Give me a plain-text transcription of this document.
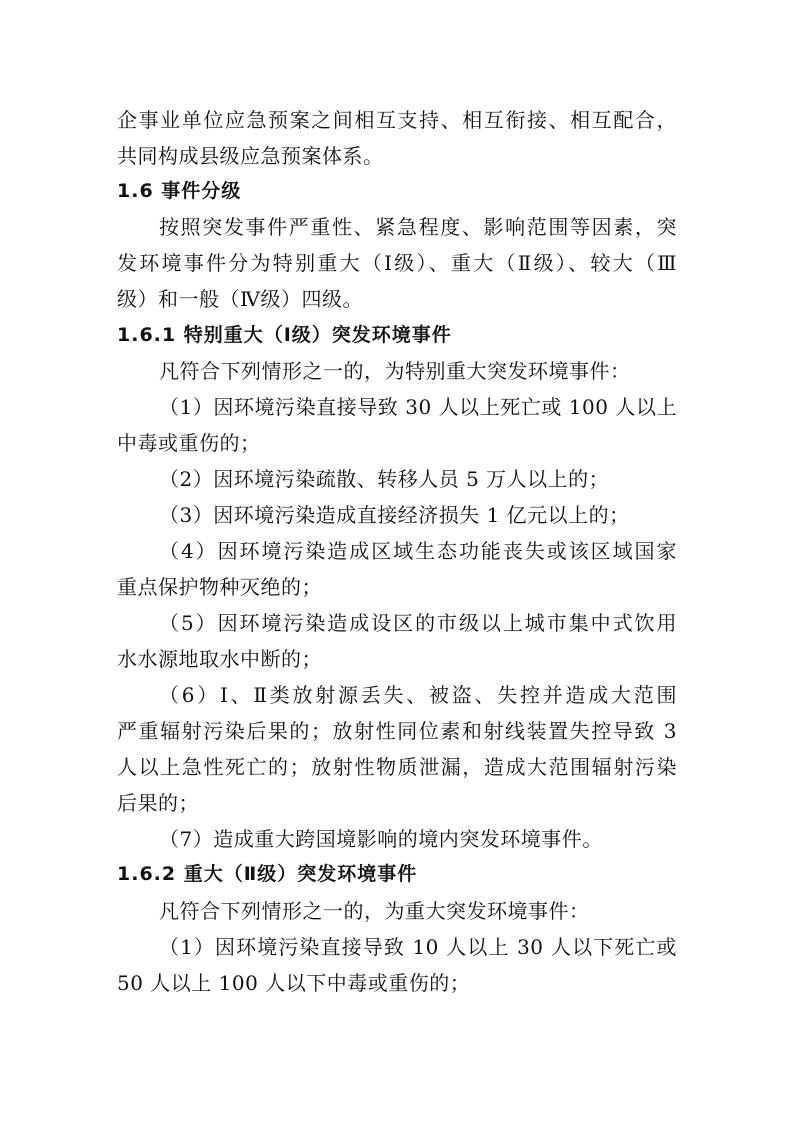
企事业单位应急预案之间相互支持、相互衔接、相互配合，
共同构成县级应急预案体系。
1.6 事件分级
按照突发事件严重性、紧急程度、影响范围等因素，突
发环境事件分为特别重大（Ⅰ级）、重大（Ⅱ级）、较大（Ⅲ
级）和一般（Ⅳ级）四级。
1.6.1 特别重大（Ⅰ级）突发环境事件
凡符合下列情形之一的，为特别重大突发环境事件：
（1）因环境污染直接导致 30 人以上死亡或 100 人以上
中毒或重伤的；
（2）因环境污染疏散、转移人员 5 万人以上的；
（3）因环境污染造成直接经济损失 1 亿元以上的；
（4）因环境污染造成区域生态功能丧失或该区域国家
重点保护物种灭绝的；
（5）因环境污染造成设区的市级以上城市集中式饮用
水水源地取水中断的；
（6）Ⅰ、Ⅱ类放射源丢失、被盗、失控并造成大范围
严重辐射污染后果的；放射性同位素和射线装置失控导致 3
人以上急性死亡的；放射性物质泄漏，造成大范围辐射污染
后果的；
（7）造成重大跨国境影响的境内突发环境事件。
1.6.2 重大（Ⅱ级）突发环境事件
凡符合下列情形之一的，为重大突发环境事件：
（1）因环境污染直接导致 10 人以上 30 人以下死亡或
50 人以上 100 人以下中毒或重伤的；
